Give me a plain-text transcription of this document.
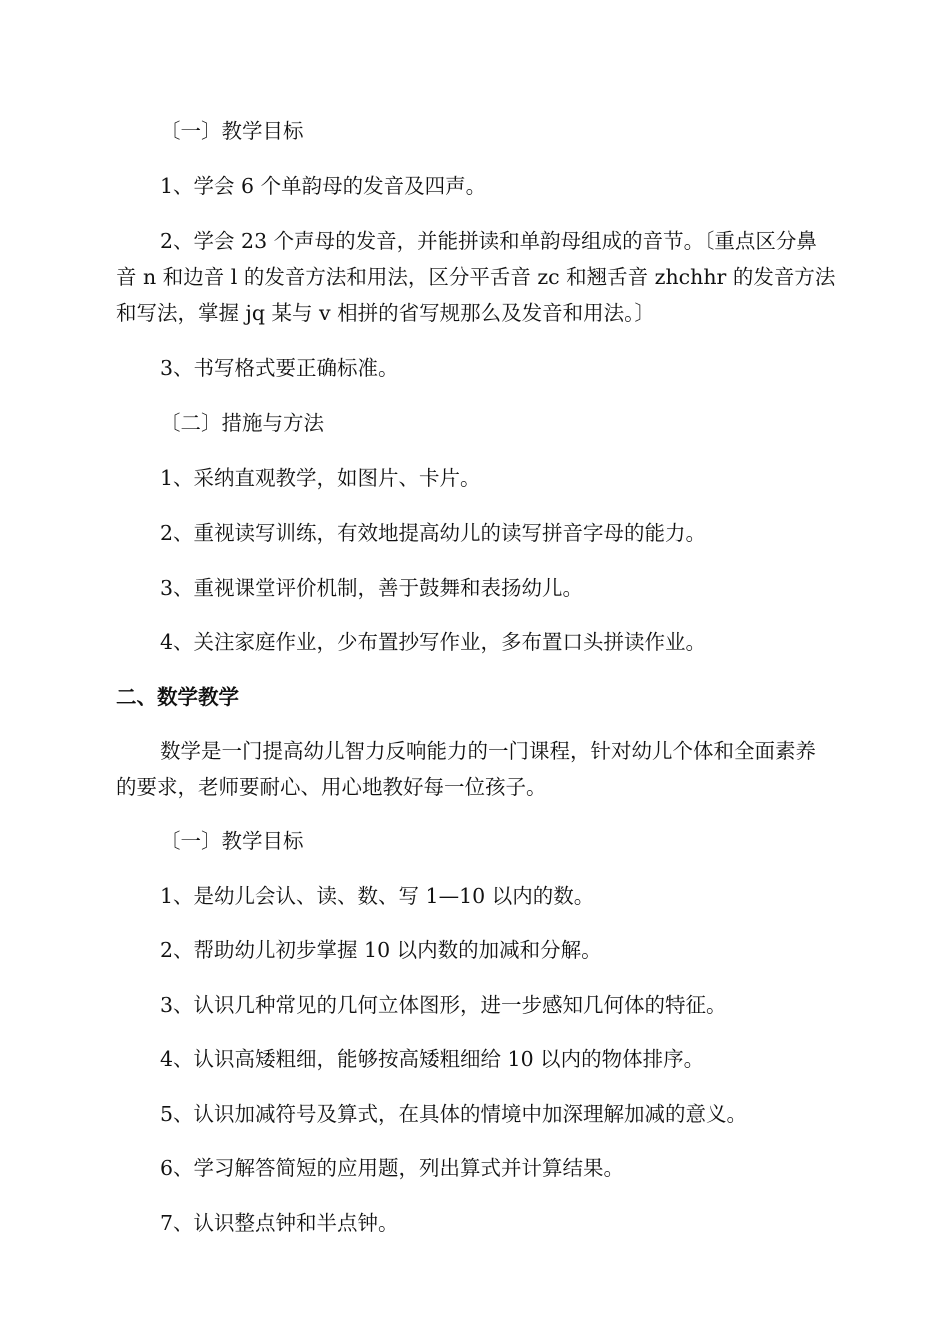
〔一〕教学目标
1、学会 6 个单韵母的发音及四声。
2、学会 23 个声母的发音，并能拼读和单韵母组成的音节。〔重点区分鼻音 n 和边音 l 的发音方法和用法，区分平舌音 zc 和翘舌音 zhchhr 的发音方法和写法，掌握 jq 某与 v 相拼的省写规那么及发音和用法。〕
3、书写格式要正确标准。
〔二〕措施与方法
1、采纳直观教学，如图片、卡片。
2、重视读写训练，有效地提高幼儿的读写拼音字母的能力。
3、重视课堂评价机制，善于鼓舞和表扬幼儿。
4、关注家庭作业，少布置抄写作业，多布置口头拼读作业。
二、数学教学
数学是一门提高幼儿智力反响能力的一门课程，针对幼儿个体和全面素养的要求，老师要耐心、用心地教好每一位孩子。
〔一〕教学目标
1、是幼儿会认、读、数、写 1—10 以内的数。
2、帮助幼儿初步掌握 10 以内数的加减和分解。
3、认识几种常见的几何立体图形，进一步感知几何体的特征。
4、认识高矮粗细，能够按高矮粗细给 10 以内的物体排序。
5、认识加减符号及算式，在具体的情境中加深理解加减的意义。
6、学习解答简短的应用题，列出算式并计算结果。
7、认识整点钟和半点钟。
